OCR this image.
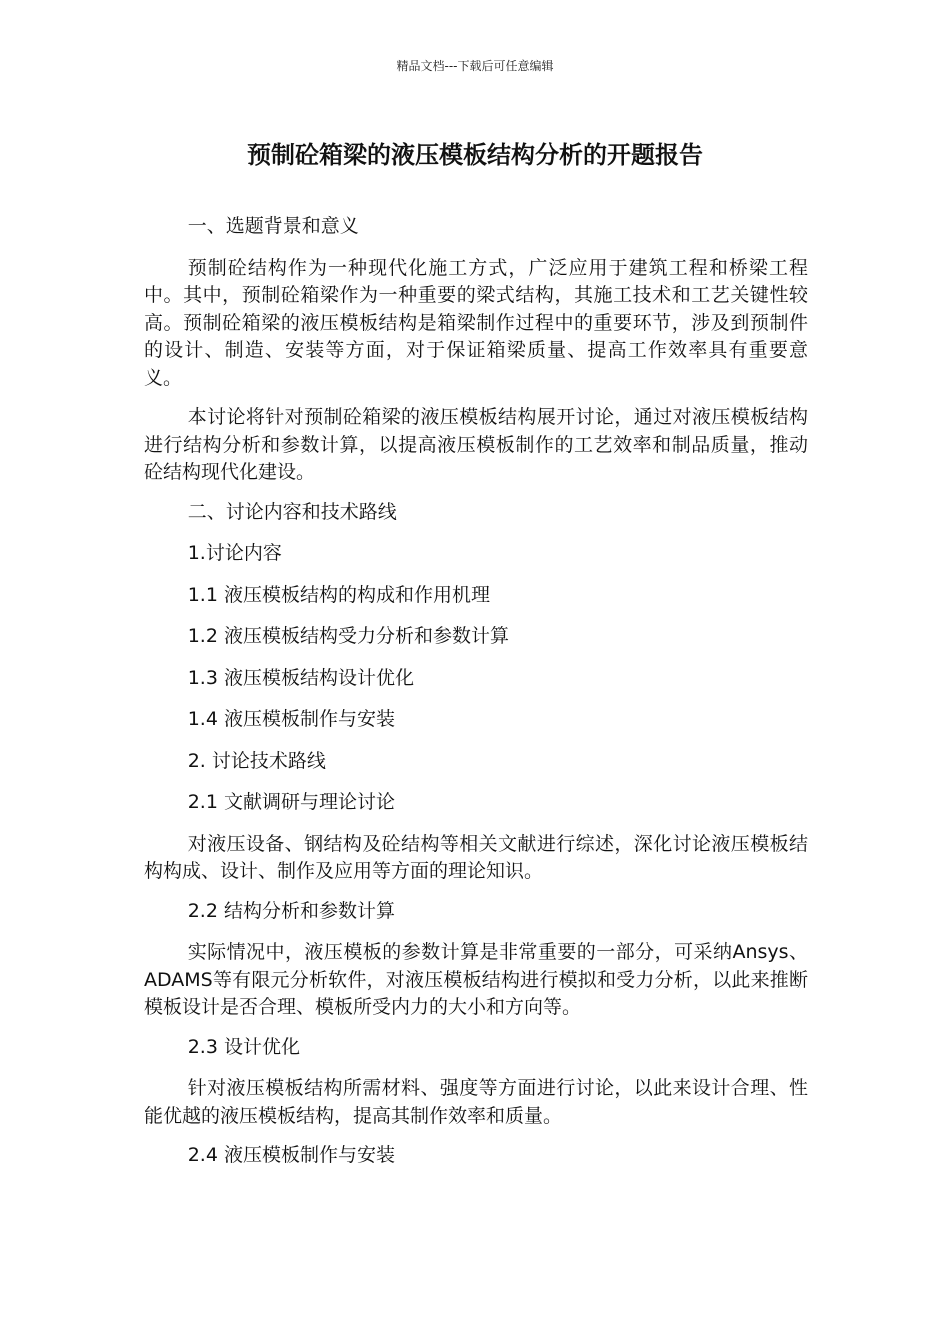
精品文档---下载后可任意编辑
预制砼箱梁的液压模板结构分析的开题报告

一、选题背景和意义

预制砼结构作为一种现代化施工方式，广泛应用于建筑工程和桥梁工程中。其中，预制砼箱梁作为一种重要的梁式结构，其施工技术和工艺关键性较高。预制砼箱梁的液压模板结构是箱梁制作过程中的重要环节，涉及到预制件的设计、制造、安装等方面，对于保证箱梁质量、提高工作效率具有重要意义。

本讨论将针对预制砼箱梁的液压模板结构展开讨论，通过对液压模板结构进行结构分析和参数计算，以提高液压模板制作的工艺效率和制品质量，推动砼结构现代化建设。

二、讨论内容和技术路线

1.讨论内容

1.1 液压模板结构的构成和作用机理

1.2 液压模板结构受力分析和参数计算

1.3 液压模板结构设计优化

1.4 液压模板制作与安装

2. 讨论技术路线

2.1 文献调研与理论讨论

对液压设备、钢结构及砼结构等相关文献进行综述，深化讨论液压模板结构构成、设计、制作及应用等方面的理论知识。

2.2 结构分析和参数计算

实际情况中，液压模板的参数计算是非常重要的一部分，可采纳Ansys、ADAMS等有限元分析软件，对液压模板结构进行模拟和受力分析，以此来推断模板设计是否合理、模板所受内力的大小和方向等。

2.3 设计优化

针对液压模板结构所需材料、强度等方面进行讨论，以此来设计合理、性能优越的液压模板结构，提高其制作效率和质量。

2.4 液压模板制作与安装
